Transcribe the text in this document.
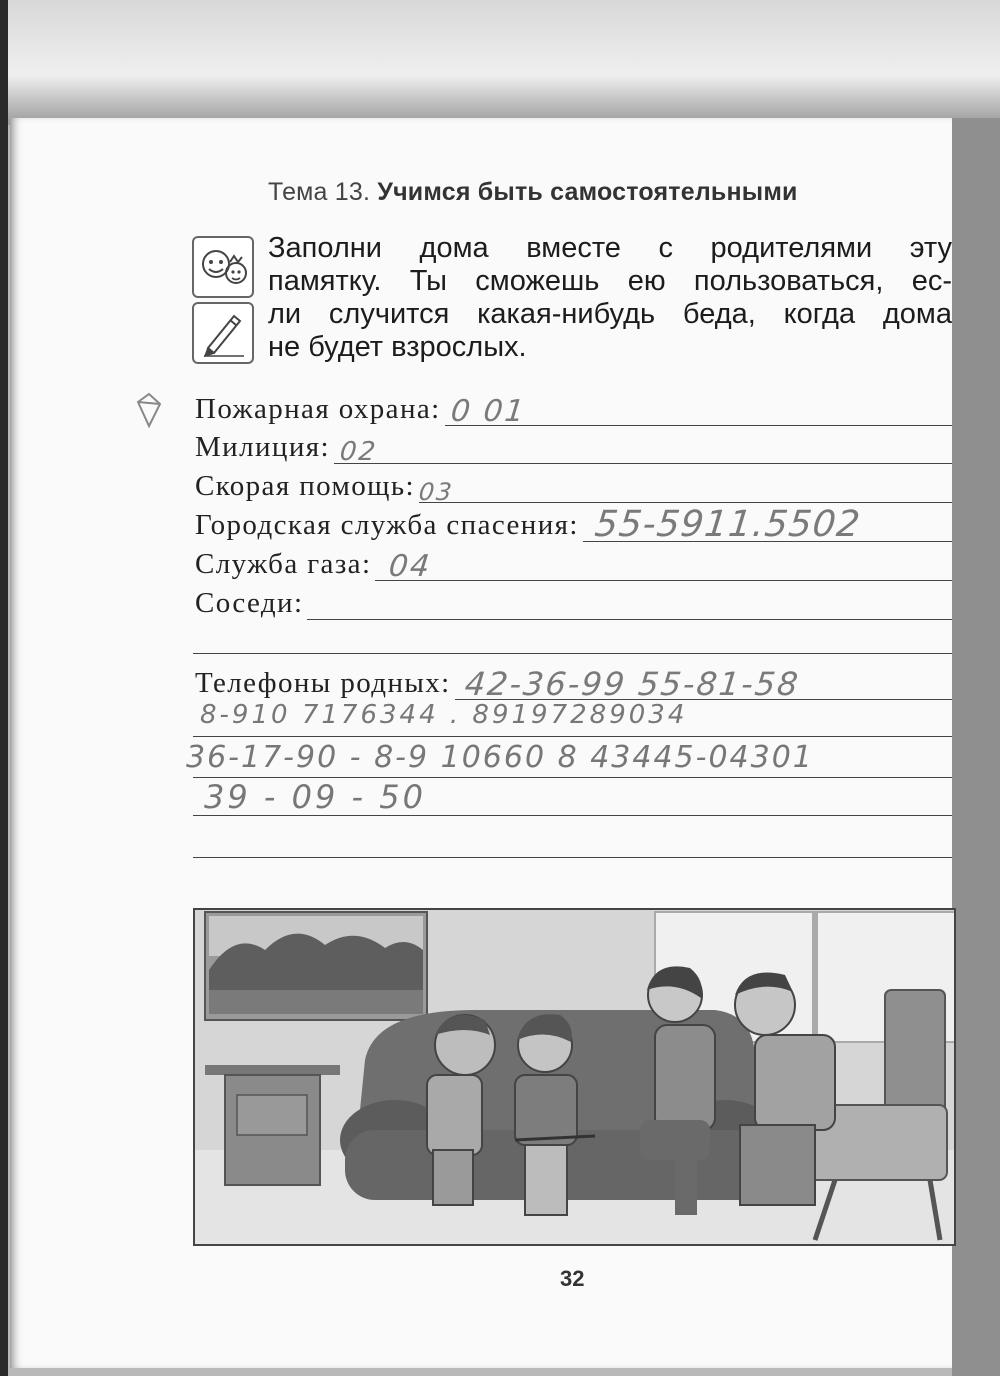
Тема 13. Учимся быть самостоятельными
Заполни дома вместе с родителями эту
памятку. Ты сможешь ею пользоваться, ес-
ли случится какая-нибудь беда, когда дома
не будет взрослых.
Пожарная охрана: 0 01
Милиция: 02
Скорая помощь: 03
Городская служба спасения: 55-5911.5502
Служба газа: 04
Соседи:
Телефоны родных: 42-36-99 55-81-58
8-910 7176344 . 89197289034
36-17-90 - 8-9 10660 8 43445-04301
39 - 09 - 50
32
